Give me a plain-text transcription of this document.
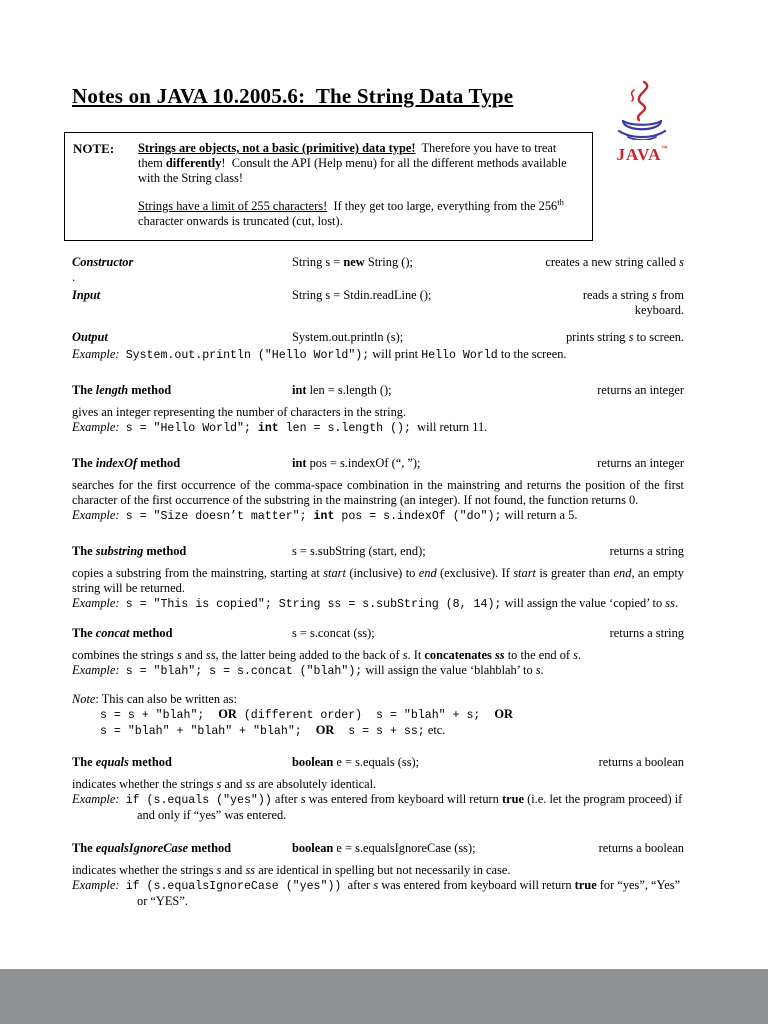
Notes on JAVA 10.2005.6:  The String Data Type
JAVA™
NOTE:	Strings are objects, not a basic (primitive) data type!  Therefore you have to treat them differently!  Consult the API (Help menu) for all the different methods available with the String class!

Strings have a limit of 255 characters!  If they get too large, everything from the 256th character onwards is truncated (cut, lost).

Constructor	String s = new String ();	creates a new string called s

.

Input	String s = Stdin.readLine ();	reads a string s from keyboard.
Output	System.out.println (s);	prints string s to screen.

Example: System.out.println ("Hello World"); will print Hello World to the screen.

The length method	int len = s.length ();	returns an integer

gives an integer representing the number of characters in the string.

Example: s = "Hello World"; int len = s.length ();  will return 11.

The indexOf method	int pos = s.indexOf (“, ”);	returns an integer

searches for the first occurrence of the comma-space combination in the mainstring and returns the position of the first character of the first occurrence of the substring in the mainstring (an integer). If not found, the function returns 0.

Example: s = "Size doesn’t matter"; int pos = s.indexOf ("do"); will return a 5.

The substring method	s = s.subString (start, end);	returns a string

copies a substring from the mainstring, starting at start (inclusive) to end (exclusive). If start is greater than end, an empty string will be returned.

Example: s = "This is copied"; String ss = s.subString (8, 14); will assign the value ‘copied’ to ss.

The concat method	s = s.concat (ss);	returns a string

combines the strings s and ss, the latter being added to the back of s. It concatenates ss to the end of s.

Example: s = "blah"; s = s.concat ("blah"); will assign the value ‘blahblah’ to s.

Note: This can also be written as:

s = s + "blah";  OR (different order)  s = "blah" + s;  OR

s = "blah" + "blah" + "blah";  OR s = s + ss; etc.

The equals method	boolean e = s.equals (ss);	returns a boolean

indicates whether the strings s and ss are absolutely identical.

Example: if (s.equals ("yes")) after s was entered from keyboard will return true (i.e. let the program proceed) if and only if “yes” was entered.

The equalsIgnoreCase method	boolean e = s.equalsIgnoreCase (ss);	returns a boolean

indicates whether the strings s and ss are identical in spelling but not necessarily in case.

Example: if (s.equalsIgnoreCase ("yes"))  after s was entered from keyboard will return true for “yes”, “Yes” or “YES”.
